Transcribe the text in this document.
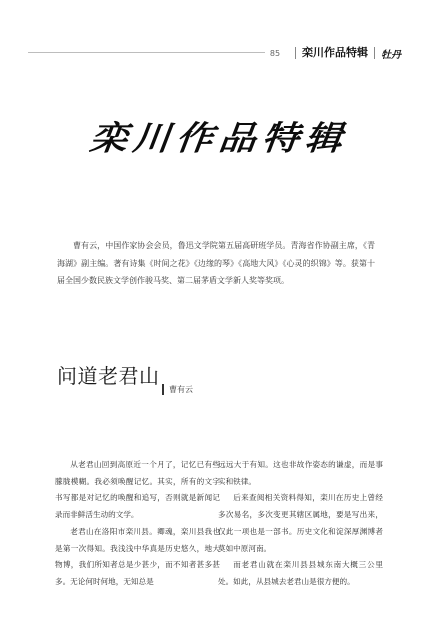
85	栾川作品特辑	牡丹
栾川作品特辑
曹有云，中国作家协会会员，鲁迅文学院第五届高研班学员。青海省作协副主席，《青海湖》副主编。著有诗集《时间之花》《边缘的琴》《高地大风》《心灵的织锦》等。获第十届全国少数民族文学创作骏马奖、第二届茅盾文学新人奖等奖项。
问道老君山
曹有云

从老君山回到高原近一个月了，记忆已有些朦胧模糊。我必须唤醒记忆。其实，所有的文字书写都是对记忆的唤醒和追写，否则就是新闻记录而非鲜活生动的文学。

老君山在洛阳市栾川县。卿魂，栾川县我也是第一次得知。我浅浅中华真是历史悠久，地大物博，我们所知者总是少甚少，而不知者甚多甚多。无论何时何地，无知总是

远远大于有知。这也非故作姿态的谦虚，而是事实和铁律。

后来查阅相关资料得知，栾川在历史上曾经多次易名，多次变更其辖区属地，要是写出来，仅此一项也是一部书。历史文化和淀深厚渊博者莫如中原河南。

而老君山就在栾川县县城东南大概三公里处。如此，从县城去老君山是很方便的。
